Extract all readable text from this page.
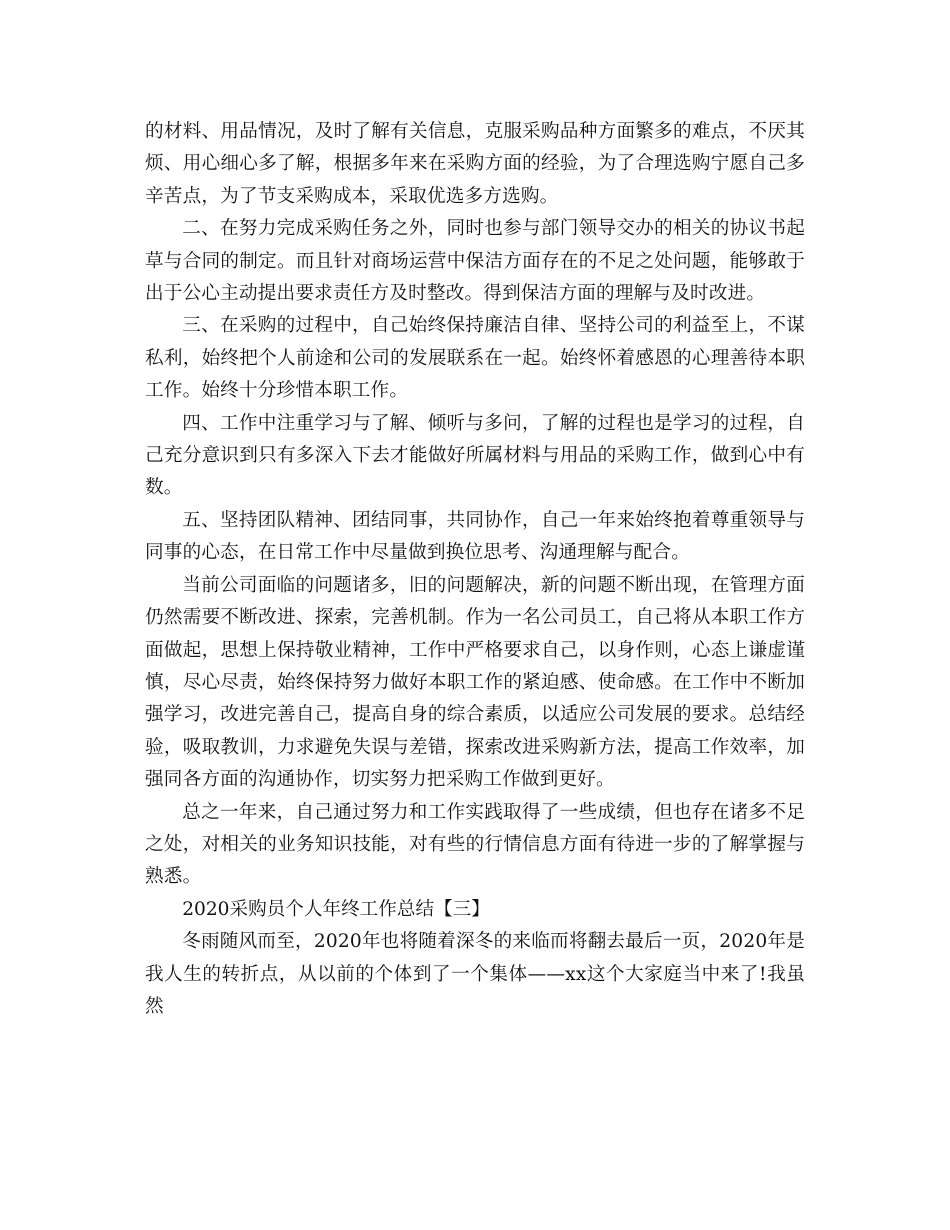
的材料、用品情况，及时了解有关信息，克服采购品种方面繁多的难点，不厌其烦、用心细心多了解，根据多年来在采购方面的经验，为了合理选购宁愿自己多辛苦点，为了节支采购成本，采取优选多方选购。

二、在努力完成采购任务之外，同时也参与部门领导交办的相关的协议书起草与合同的制定。而且针对商场运营中保洁方面存在的不足之处问题，能够敢于出于公心主动提出要求责任方及时整改。得到保洁方面的理解与及时改进。

三、在采购的过程中，自己始终保持廉洁自律、坚持公司的利益至上，不谋私利，始终把个人前途和公司的发展联系在一起。始终怀着感恩的心理善待本职工作。始终十分珍惜本职工作。

四、工作中注重学习与了解、倾听与多问，了解的过程也是学习的过程，自己充分意识到只有多深入下去才能做好所属材料与用品的采购工作，做到心中有数。

五、坚持团队精神、团结同事，共同协作，自己一年来始终抱着尊重领导与同事的心态，在日常工作中尽量做到换位思考、沟通理解与配合。

当前公司面临的问题诸多，旧的问题解决，新的问题不断出现，在管理方面仍然需要不断改进、探索，完善机制。作为一名公司员工，自己将从本职工作方面做起，思想上保持敬业精神，工作中严格要求自己，以身作则，心态上谦虚谨慎，尽心尽责，始终保持努力做好本职工作的紧迫感、使命感。在工作中不断加强学习，改进完善自己，提高自身的综合素质，以适应公司发展的要求。总结经验，吸取教训，力求避免失误与差错，探索改进采购新方法，提高工作效率，加强同各方面的沟通协作，切实努力把采购工作做到更好。

总之一年来，自己通过努力和工作实践取得了一些成绩，但也存在诸多不足之处，对相关的业务知识技能，对有些的行情信息方面有待进一步的了解掌握与熟悉。

2020采购员个人年终工作总结【三】

冬雨随风而至，2020年也将随着深冬的来临而将翻去最后一页，2020年是我人生的转折点，从以前的个体到了一个集体——xx这个大家庭当中来了!我虽然
